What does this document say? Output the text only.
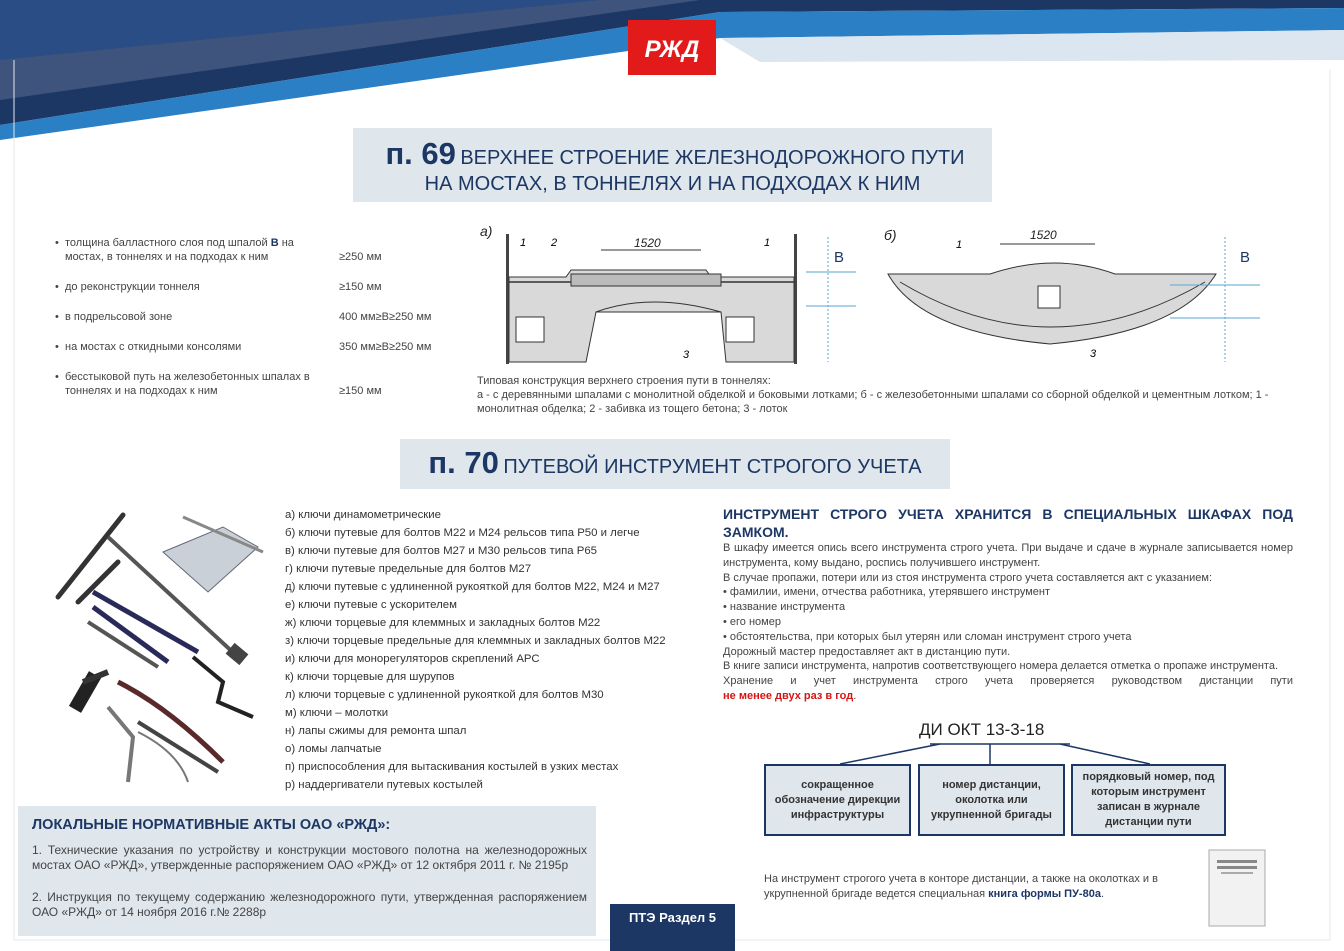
РЖД
п. 69 ВЕРХНЕЕ СТРОЕНИЕ ЖЕЛЕЗНОДОРОЖНОГО ПУТИ
НА МОСТАХ, В ТОННЕЛЯХ И НА ПОДХОДАХ К НИМ
• толщина балластного слоя под шпалой В на мостах, в тоннелях и на подходах к ним	≥250 мм
• до реконструкции тоннеля	≥150 мм
• в подрельсовой зоне	400 мм≥В≥250 мм
• на мостах с откидными консолями	350 мм≥В≥250 мм
• бесстыковой путь на железобетонных шпалах в тоннелях и на подходах к ним	≥150 мм
а)
1520
1 2	1
3
В
б)	1520
1
3
В
Типовая конструкция верхнего строения пути в тоннелях:
а - с деревянными шпалами с монолитной обделкой и боковыми лотками; б - с железобетонными шпалами со сборной обделкой и цементным лотком; 1 - монолитная обделка; 2 - забивка из тощего бетона; 3 - лоток
п. 70 ПУТЕВОЙ ИНСТРУМЕНТ СТРОГОГО УЧЕТА
а) ключи динамометрические
б) ключи путевые для болтов М22 и М24 рельсов типа Р50 и легче
в) ключи путевые для болтов М27 и М30 рельсов типа Р65
г) ключи путевые предельные для болтов М27
д) ключи путевые с удлиненной рукояткой для болтов М22, М24 и М27
е) ключи путевые с ускорителем
ж) ключи торцевые для клеммных и закладных болтов М22
з) ключи торцевые предельные для клеммных и закладных болтов М22
и) ключи для монорегуляторов скреплений АРС
к) ключи торцевые для шурупов
л) ключи торцевые с удлиненной рукояткой для болтов М30
м) ключи – молотки
н) лапы сжимы для ремонта шпал
о) ломы лапчатые
п) приспособления для вытаскивания костылей в узких местах
р) наддергиватели путевых костылей
ИНСТРУМЕНТ СТРОГО УЧЕТА ХРАНИТСЯ В СПЕЦИАЛЬНЫХ ШКАФАХ ПОД ЗАМКОМ.
В шкафу имеется опись всего инструмента строго учета. При выдаче и сдаче в журнале записывается номер инструмента, кому выдано, роспись получившего инструмент.
В случае пропажи, потери или из стоя инструмента строго учета составляется акт с указанием:
• фамилии, имени, отчества работника, утерявшего инструмент
• название инструмента
• его номер
• обстоятельства, при которых был утерян или сломан инструмент строго учета
Дорожный мастер предоставляет акт в дистанцию пути.
В книге записи инструмента, напротив соответствующего номера делается отметка о пропаже инструмента.
Хранение и учет инструмента строго учета проверяется руководством дистанции пути
не менее двух раз в год.
ДИ ОКТ 13-3-18
сокращенное обозначение дирекции инфраструктуры
номер дистанции, околотка или укрупненной бригады
порядковый номер, под которым инструмент записан в журнале дистанции пути
На инструмент строгого учета в конторе дистанции, а также на околотках и в укрупненной бригаде ведется специальная книга формы ПУ-80а.
ЛОКАЛЬНЫЕ НОРМАТИВНЫЕ АКТЫ ОАО «РЖД»:
1. Технические указания по устройству и конструкции мостового полотна на железнодорожных мостах ОАО «РЖД», утвержденные распоряжением ОАО «РЖД» от 12 октября 2011 г. № 2195р
2. Инструкция по текущему содержанию железнодорожного пути, утвержденная распоряжением ОАО «РЖД» от 14 ноября 2016 г.№ 2288р	ПТЭ Раздел 5
